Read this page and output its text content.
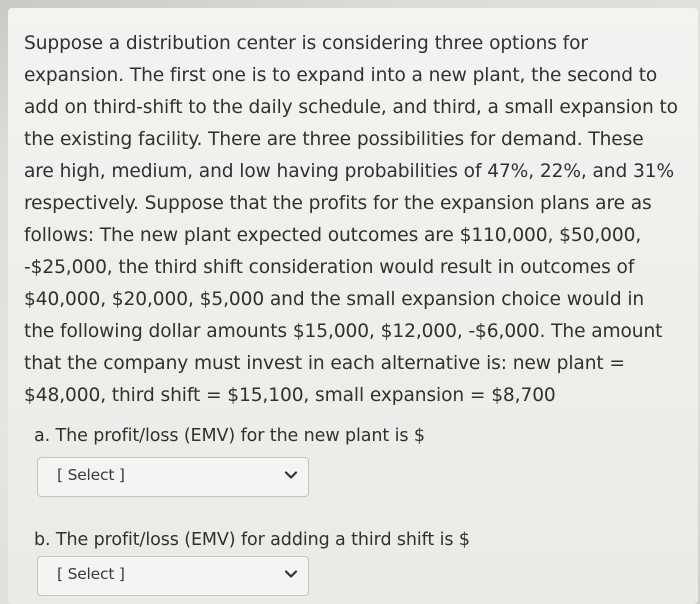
Suppose a distribution center is considering three options for expansion. The first one is to expand into a new plant, the second to add on third-shift to the daily schedule, and third, a small expansion to the existing facility. There are three possibilities for demand. These are high, medium, and low having probabilities of 47%, 22%, and 31% respectively. Suppose that the profits for the expansion plans are as follows: The new plant expected outcomes are $110,000, $50,000, -$25,000, the third shift consideration would result in outcomes of $40,000, $20,000, $5,000 and the small expansion choice would in the following dollar amounts $15,000, $12,000, -$6,000. The amount that the company must invest in each alternative is: new plant = $48,000, third shift = $15,100, small expansion = $8,700

a. The profit/loss (EMV) for the new plant is $

[ Select ]

b. The profit/loss (EMV) for adding a third shift is $

[ Select ]
